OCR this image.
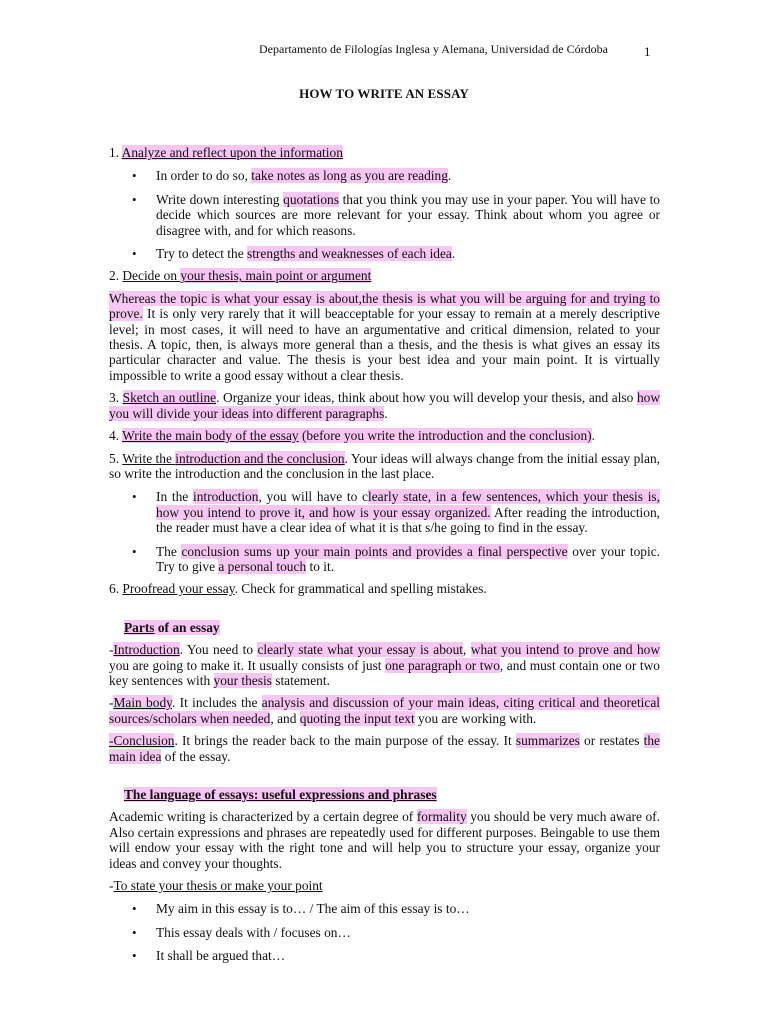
Departamento de Filologías Inglesa y Alemana, Universidad de Córdoba	1
HOW TO WRITE AN ESSAY

1. Analyze and reflect upon the information

• In order to do so, take notes as long as you are reading.
• Write down interesting quotations that you think you may use in your paper. You will have to decide which sources are more relevant for your essay. Think about whom you agree or disagree with, and for which reasons.
• Try to detect the strengths and weaknesses of each idea.

2. Decide on your thesis, main point or argument

Whereas the topic is what your essay is about,the thesis is what you will be arguing for and trying to prove. It is only very rarely that it will beacceptable for your essay to remain at a merely descriptive level; in most cases, it will need to have an argumentative and critical dimension, related to your thesis. A topic, then, is always more general than a thesis, and the thesis is what gives an essay its particular character and value. The thesis is your best idea and your main point. It is virtually impossible to write a good essay without a clear thesis.

3. Sketch an outline. Organize your ideas, think about how you will develop your thesis, and also how you will divide your ideas into different paragraphs.

4. Write the main body of the essay (before you write the introduction and the conclusion).

5. Write the introduction and the conclusion. Your ideas will always change from the initial essay plan, so write the introduction and the conclusion in the last place.

• In the introduction, you will have to clearly state, in a few sentences, which your thesis is, how you intend to prove it, and how is your essay organized. After reading the introduction, the reader must have a clear idea of what it is that s/he going to find in the essay.
• The conclusion sums up your main points and provides a final perspective over your topic. Try to give a personal touch to it.

6. Proofread your essay. Check for grammatical and spelling mistakes.

Parts of an essay

-Introduction. You need to clearly state what your essay is about, what you intend to prove and how you are going to make it. It usually consists of just one paragraph or two, and must contain one or two key sentences with your thesis statement.

-Main body. It includes the analysis and discussion of your main ideas, citing critical and theoretical sources/scholars when needed, and quoting the input text you are working with.

-Conclusion. It brings the reader back to the main purpose of the essay. It summarizes or restates the main idea of the essay.

The language of essays: useful expressions and phrases

Academic writing is characterized by a certain degree of formality you should be very much aware of. Also certain expressions and phrases are repeatedly used for different purposes. Beingable to use them will endow your essay with the right tone and will help you to structure your essay, organize your ideas and convey your thoughts.

-To state your thesis or make your point

• My aim in this essay is to… / The aim of this essay is to…
• This essay deals with / focuses on…
• It shall be argued that…
